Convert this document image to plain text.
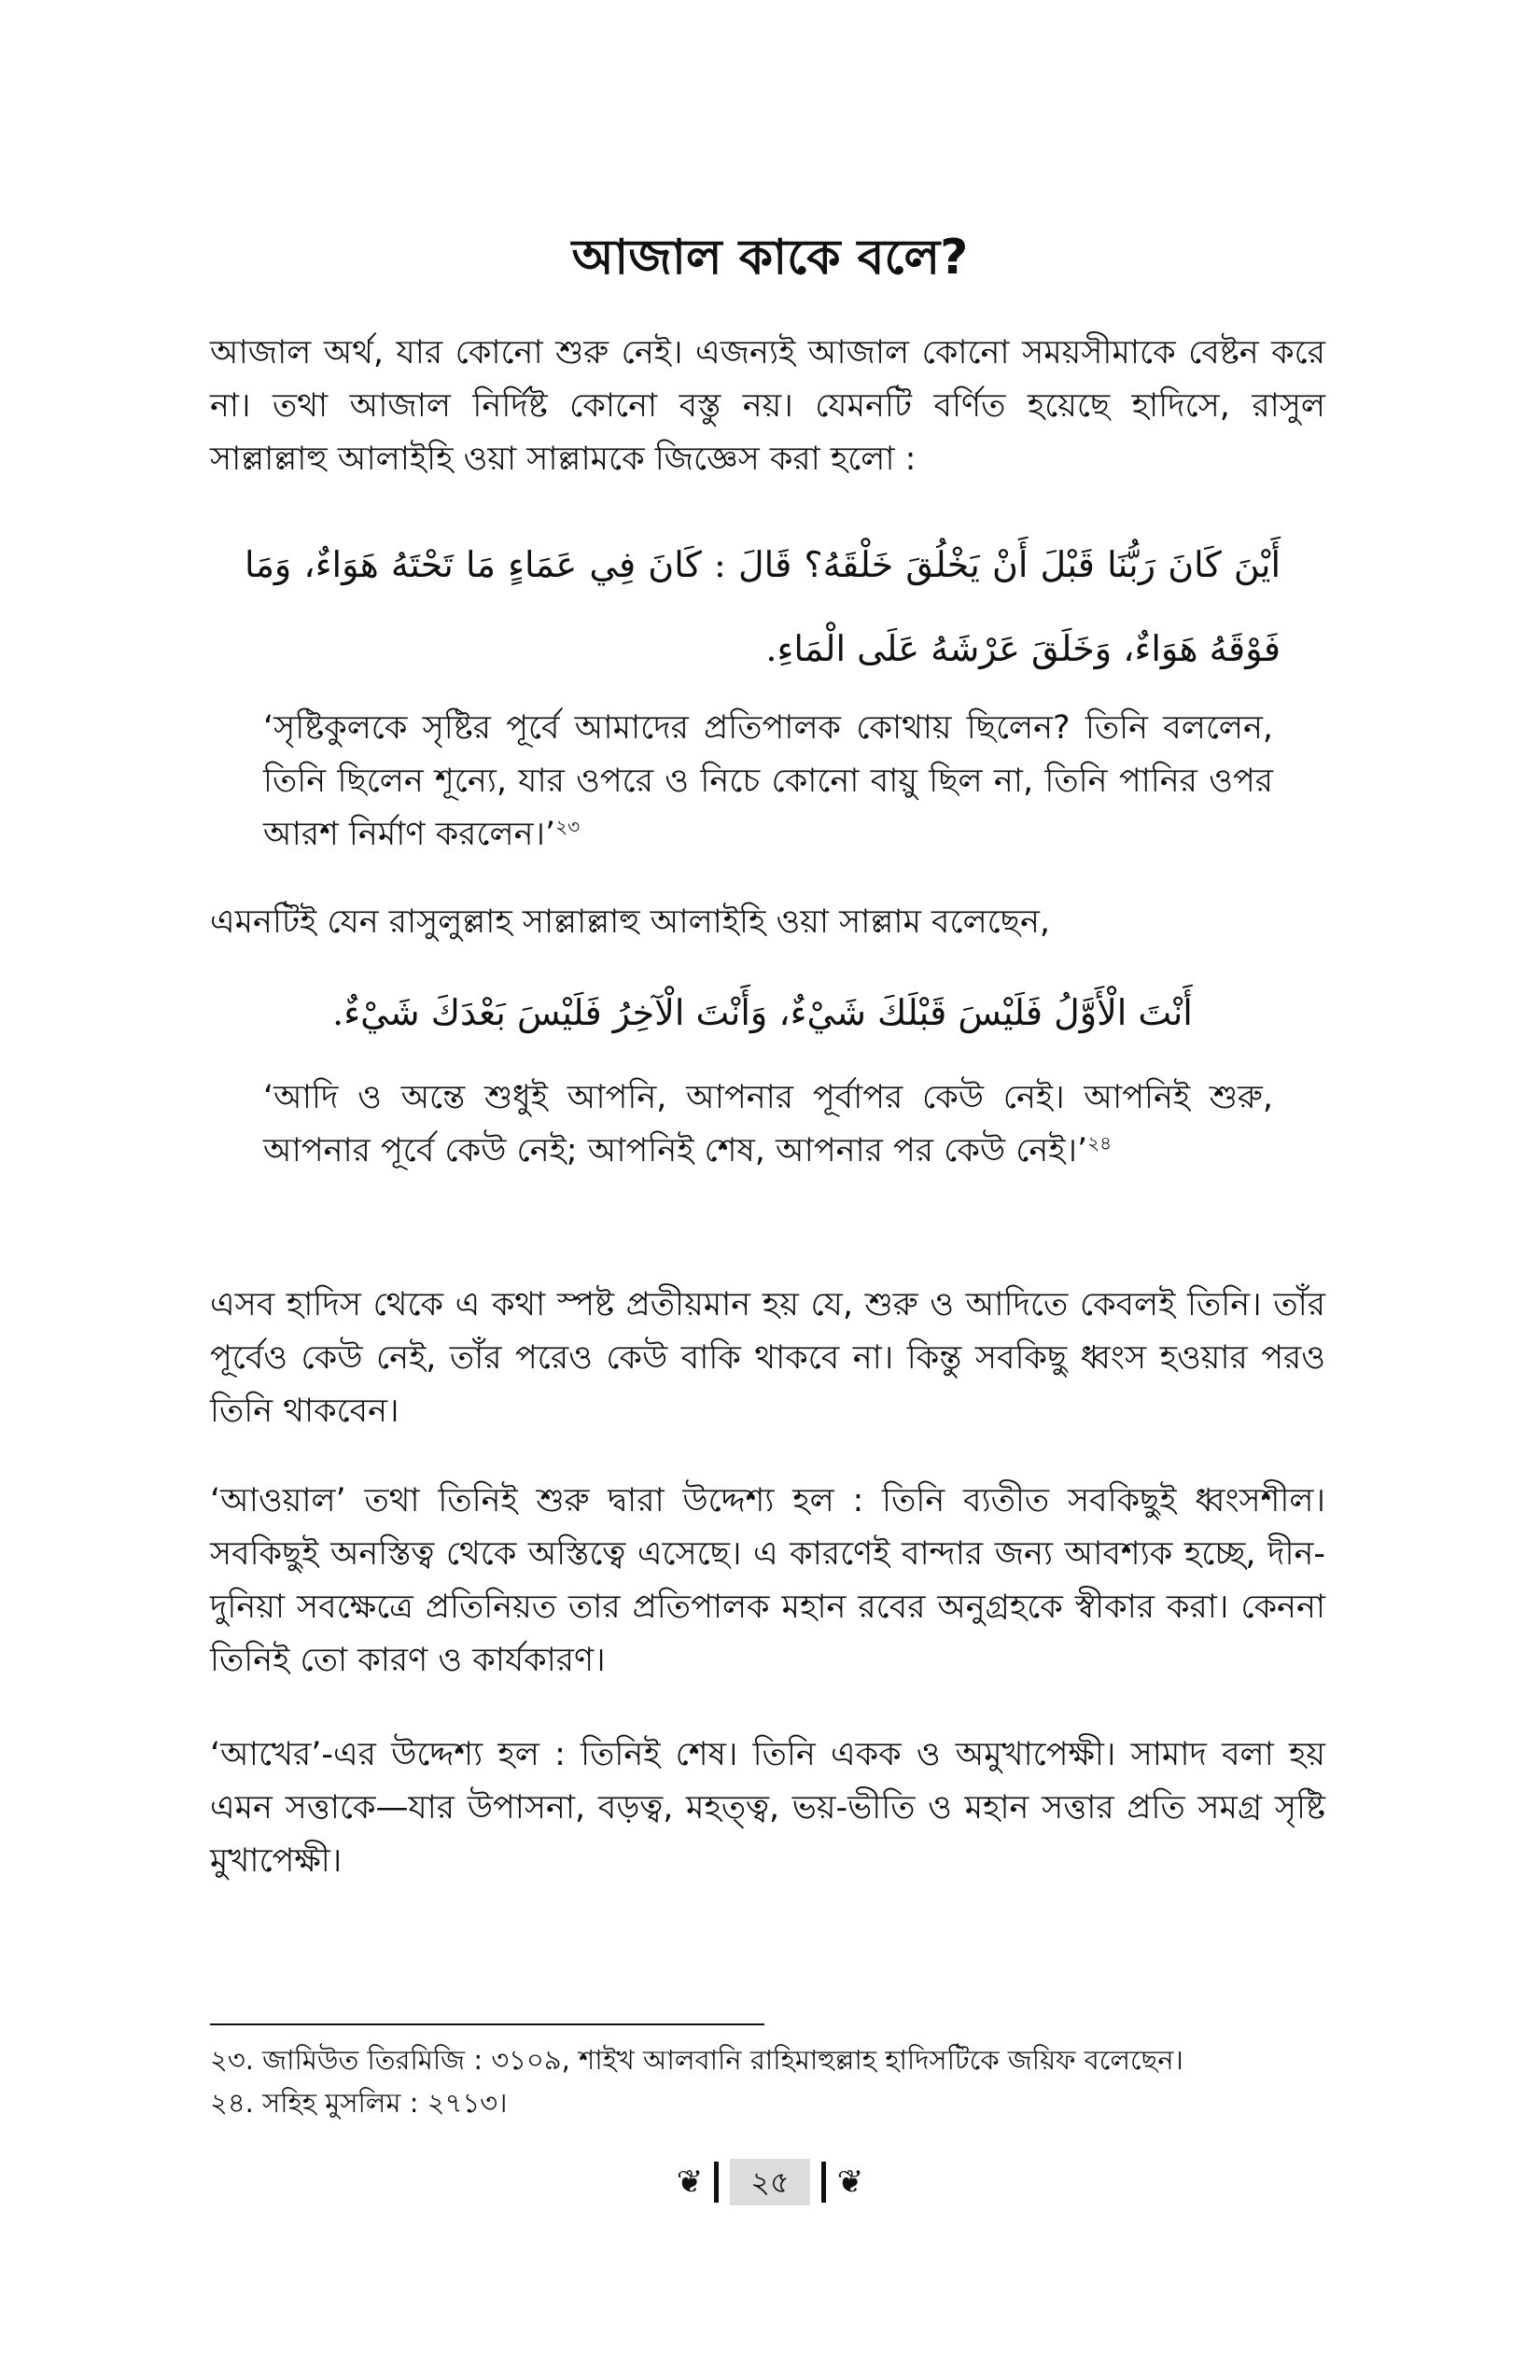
আজাল কাকে বলে?

আজাল অর্থ, যার কোনো শুরু নেই। এজন্যই আজাল কোনো সময়সীমাকে বেষ্টন করে না। তথা আজাল নির্দিষ্ট কোনো বস্তু নয়। যেমনটি বর্ণিত হয়েছে হাদিসে, রাসুল সাল্লাল্লাহু আলাইহি ওয়া সাল্লামকে জিজ্ঞেস করা হলো :

أَيْنَ كَانَ رَبُّنَا قَبْلَ أَنْ يَخْلُقَ خَلْقَهُ؟ قَالَ : كَانَ فِي عَمَاءٍ مَا تَحْتَهُ هَوَاءٌ، وَمَا فَوْقَهُ هَوَاءٌ، وَخَلَقَ عَرْشَهُ عَلَى الْمَاءِ.

‘সৃষ্টিকুলকে সৃষ্টির পূর্বে আমাদের প্রতিপালক কোথায় ছিলেন? তিনি বললেন, তিনি ছিলেন শূন্যে, যার ওপরে ও নিচে কোনো বায়ু ছিল না, তিনি পানির ওপর আরশ নির্মাণ করলেন।’$^{২৩}$

এমনটিই যেন রাসুলুল্লাহ সাল্লাল্লাহু আলাইহি ওয়া সাল্লাম বলেছেন,

أَنْتَ الْأَوَّلُ فَلَيْسَ قَبْلَكَ شَيْءٌ، وَأَنْتَ الْآخِرُ فَلَيْسَ بَعْدَكَ شَيْءٌ.

‘আদি ও অন্তে শুধুই আপনি, আপনার পূর্বাপর কেউ নেই। আপনিই শুরু, আপনার পূর্বে কেউ নেই; আপনিই শেষ, আপনার পর কেউ নেই।’$^{২৪}$

এসব হাদিস থেকে এ কথা স্পষ্ট প্রতীয়মান হয় যে, শুরু ও আদিতে কেবলই তিনি। তাঁর পূর্বেও কেউ নেই, তাঁর পরেও কেউ বাকি থাকবে না। কিন্তু সবকিছু ধ্বংস হওয়ার পরও তিনি থাকবেন।

‘আওয়াল’ তথা তিনিই শুরু দ্বারা উদ্দেশ্য হল : তিনি ব্যতীত সবকিছুই ধ্বংসশীল। সবকিছুই অনস্তিত্ব থেকে অস্তিত্বে এসেছে। এ কারণেই বান্দার জন্য আবশ্যক হচ্ছে, দীন-দুনিয়া সবক্ষেত্রে প্রতিনিয়ত তার প্রতিপালক মহান রবের অনুগ্রহকে স্বীকার করা। কেননা তিনিই তো কারণ ও কার্যকারণ।

‘আখের’-এর উদ্দেশ্য হল : তিনিই শেষ। তিনি একক ও অমুখাপেক্ষী। সামাদ বলা হয় এমন সত্তাকে—যার উপাসনা, বড়ত্ব, মহত্ত্ব, ভয়-ভীতি ও মহান সত্তার প্রতি সমগ্র সৃষ্টি মুখাপেক্ষী।

২৩. জামিউত তিরমিজি : ৩১০৯, শাইখ আলবানি রাহিমাহুল্লাহ হাদিসটিকে জয়িফ বলেছেন।

২৪. সহিহ মুসলিম : ২৭১৩।

❦	২৫	❦
